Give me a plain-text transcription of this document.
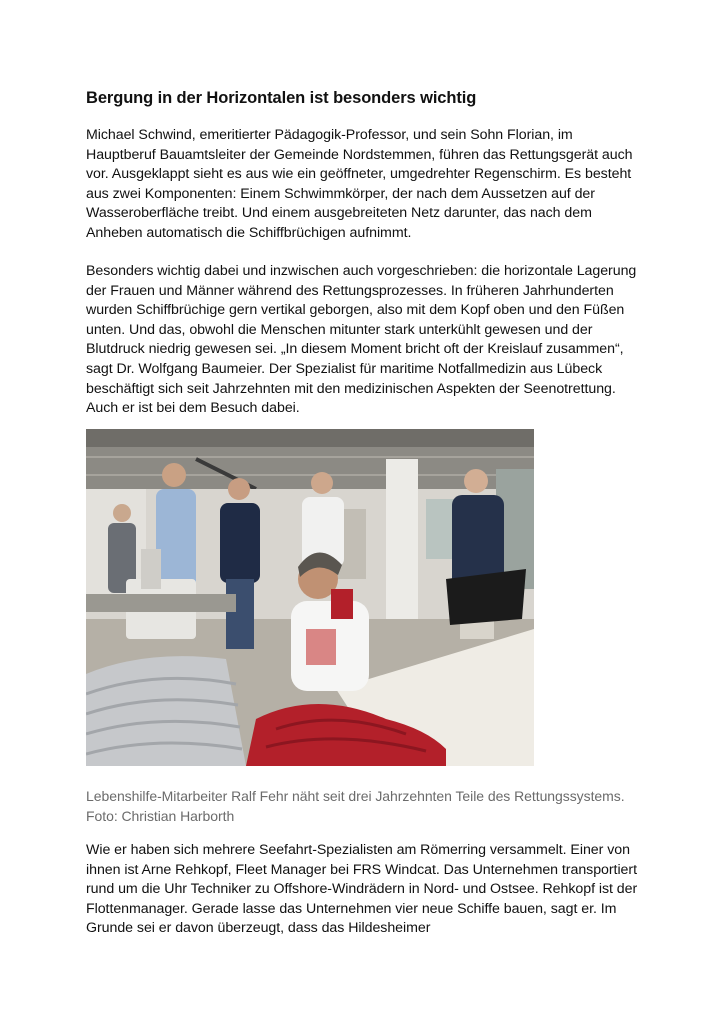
Bergung in der Horizontalen ist besonders wichtig

Michael Schwind, emeritierter Pädagogik-Professor, und sein Sohn Florian, im Hauptberuf Bauamtsleiter der Gemeinde Nordstemmen, führen das Rettungsgerät auch vor. Ausgeklappt sieht es aus wie ein geöffneter, umgedrehter Regenschirm. Es besteht aus zwei Komponenten: Einem Schwimmkörper, der nach dem Aussetzen auf der Wasseroberfläche treibt. Und einem ausgebreiteten Netz darunter, das nach dem Anheben automatisch die Schiffbrüchigen aufnimmt.

Besonders wichtig dabei und inzwischen auch vorgeschrieben: die horizontale Lagerung der Frauen und Männer während des Rettungsprozesses. In früheren Jahrhunderten wurden Schiffbrüchige gern vertikal geborgen, also mit dem Kopf oben und den Füßen unten. Und das, obwohl die Menschen mitunter stark unterkühlt gewesen und der Blutdruck niedrig gewesen sei. „In diesem Moment bricht oft der Kreislauf zusammen“, sagt Dr. Wolfgang Baumeier. Der Spezialist für maritime Notfallmedizin aus Lübeck beschäftigt sich seit Jahrzehnten mit den medizinischen Aspekten der Seenotrettung. Auch er ist bei dem Besuch dabei.

Lebenshilfe-Mitarbeiter Ralf Fehr näht seit drei Jahrzehnten Teile des Rettungssystems. Foto: Christian Harborth

Wie er haben sich mehrere Seefahrt-Spezialisten am Römerring versammelt. Einer von ihnen ist Arne Rehkopf, Fleet Manager bei FRS Windcat. Das Unternehmen transportiert rund um die Uhr Techniker zu Offshore-Windrädern in Nord- und Ostsee. Rehkopf ist der Flottenmanager. Gerade lasse das Unternehmen vier neue Schiffe bauen, sagt er. Im Grunde sei er davon überzeugt, dass das Hildesheimer
